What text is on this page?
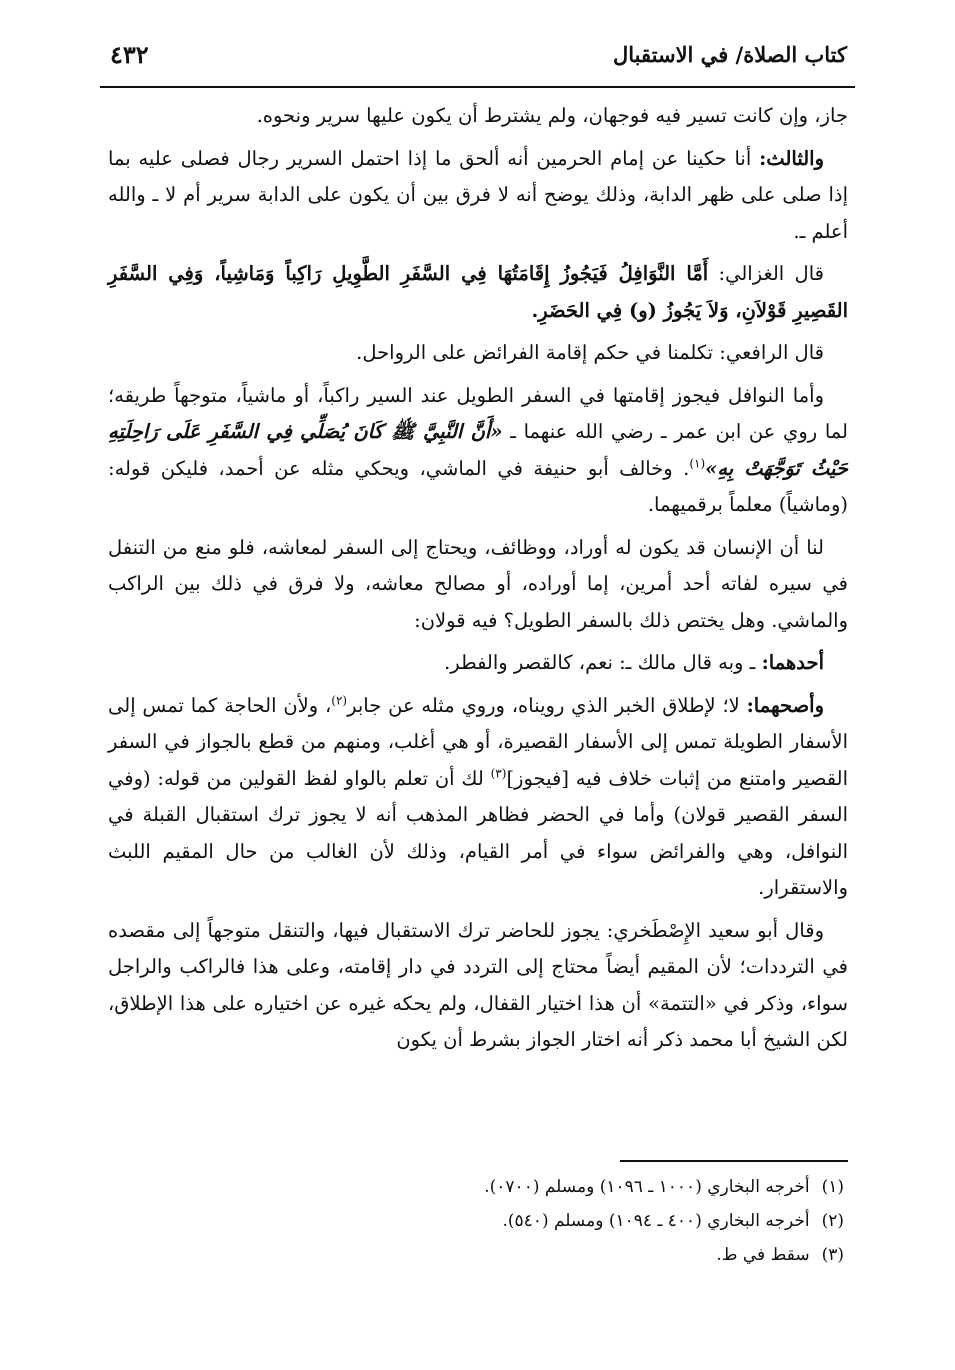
كتاب الصلاة/ في الاستقبال
٤٣٢

جاز، وإن كانت تسير فيه فوجهان، ولم يشترط أن يكون عليها سرير ونحوه.

والثالث: أنا حكينا عن إمام الحرمين أنه ألحق ما إذا احتمل السرير رجال فصلى عليه بما إذا صلى على ظهر الدابة، وذلك يوضح أنه لا فرق بين أن يكون على الدابة سرير أم لا ـ والله أعلم ـ.

قال الغزالي: أَمَّا النَّوَافِلُ فَيَجُوزُ إِقَامَتُهَا فِي السَّفَرِ الطَّوِيلِ رَاكِباً وَمَاشِياً، وَفِي السَّفَرِ القَصِيرِ قَوْلاَنِ، وَلاَ يَجُوزُ (و) فِي الحَضَرِ.

قال الرافعي: تكلمنا في حكم إقامة الفرائض على الرواحل.

وأما النوافل فيجوز إقامتها في السفر الطويل عند السير راكباً، أو ماشياً، متوجهاً طريقه؛ لما روي عن ابن عمر ـ رضي الله عنهما ـ «أَنَّ النَّبِيَّ ﷺ كَانَ يُصَلِّي فِي السَّفَرِ عَلَى رَاحِلَتِهِ حَيْثُ تَوَجَّهَتْ بِهِ»$^{(١)}$. وخالف أبو حنيفة في الماشي، ويحكي مثله عن أحمد، فليكن قوله: (وماشياً) معلماً برقميهما.

لنا أن الإنسان قد يكون له أوراد، ووظائف، ويحتاج إلى السفر لمعاشه، فلو منع من التنفل في سيره لفاته أحد أمرين، إما أوراده، أو مصالح معاشه، ولا فرق في ذلك بين الراكب والماشي. وهل يختص ذلك بالسفر الطويل؟ فيه قولان:

أحدهما: ـ وبه قال مالك ـ: نعم، كالقصر والفطر.

وأصحهما: لا؛ لإطلاق الخبر الذي رويناه، وروي مثله عن جابر$^{(٢)}$، ولأن الحاجة كما تمس إلى الأسفار الطويلة تمس إلى الأسفار القصيرة، أو هي أغلب، ومنهم من قطع بالجواز في السفر القصير وامتنع من إثبات خلاف فيه [فيجوز]$^{(٣)}$ لك أن تعلم بالواو لفظ القولين من قوله: (وفي السفر القصير قولان) وأما في الحضر فظاهر المذهب أنه لا يجوز ترك استقبال القبلة في النوافل، وهي والفرائض سواء في أمر القيام، وذلك لأن الغالب من حال المقيم اللبث والاستقرار.

وقال أبو سعيد الإِصْطَخري: يجوز للحاضر ترك الاستقبال فيها، والتنقل متوجهاً إلى مقصده في الترددات؛ لأن المقيم أيضاً محتاج إلى التردد في دار إقامته، وعلى هذا فالراكب والراجل سواء، وذكر في «التتمة» أن هذا اختيار القفال، ولم يحكه غيره عن اختياره على هذا الإطلاق، لكن الشيخ أبا محمد ذكر أنه اختار الجواز بشرط أن يكون

(١)أخرجه البخاري (١٠٠٠ ـ ١٠٩٦) ومسلم (٠٧٠٠).
(٢)أخرجه البخاري (٤٠٠ ـ ١٠٩٤) ومسلم (٥٤٠).
(٣)سقط في ط.
